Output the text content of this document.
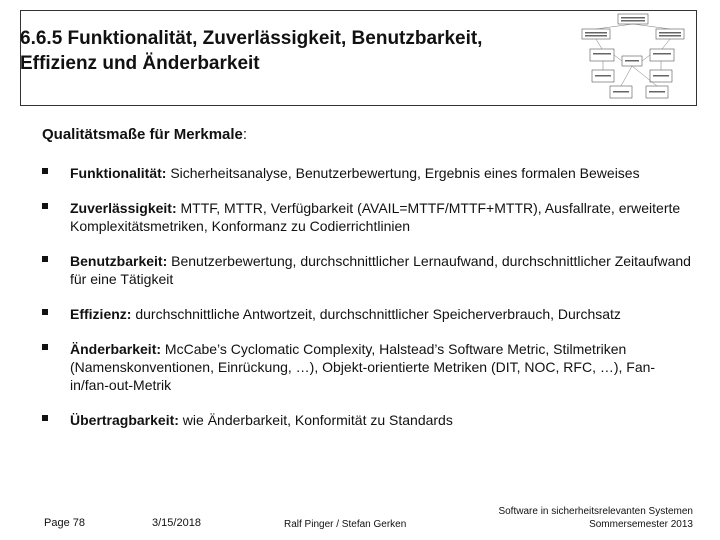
6.6.5 Funktionalität, Zuverlässigkeit, Benutzbarkeit,
Effizienz und Änderbarkeit
Qualitätsmaße für Merkmale:
Funktionalität: Sicherheitsanalyse, Benutzerbewertung, Ergebnis eines formalen Beweises
Zuverlässigkeit: MTTF, MTTR, Verfügbarkeit (AVAIL=MTTF/MTTF+MTTR), Ausfallrate, erweiterte Komplexitätsmetriken, Konformanz zu Codierrichtlinien
Benutzbarkeit: Benutzerbewertung, durchschnittlicher Lernaufwand, durchschnittlicher Zeitaufwand für eine Tätigkeit
Effizienz: durchschnittliche Antwortzeit, durchschnittlicher Speicherverbrauch, Durchsatz
Änderbarkeit: McCabe’s Cyclomatic Complexity, Halstead’s Software Metric, Stilmetriken (Namenskonventionen, Einrückung, …), Objekt-orientierte Metriken (DIT, NOC, RFC, …), Fan-in/fan-out-Metrik
Übertragbarkeit: wie Änderbarkeit, Konformität zu Standards
Page 78	3/15/2018	Ralf Pinger / Stefan Gerken
Software in sicherheitsrelevanten Systemen
Sommersemester 2013
